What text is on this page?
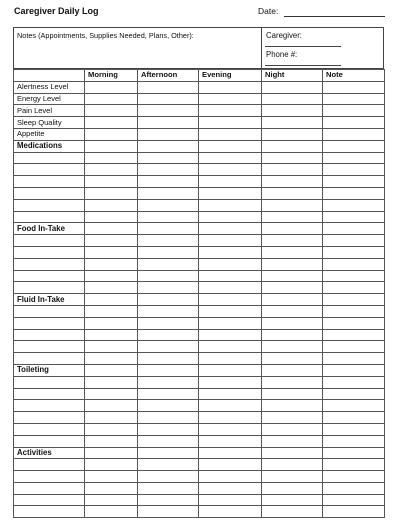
Caregiver Daily Log	Date:
Notes (Appointments, Supplies Needed, Plans, Other):	Caregiver:
Phone #:
	Morning	Afternoon	Evening	Night	Note
Alertness Level					
Energy Level					
Pain Level					
Sleep Quality					
Appetite					
Medications					

Food In-Take					

Fluid In-Take					

Toileting					

Activities					
